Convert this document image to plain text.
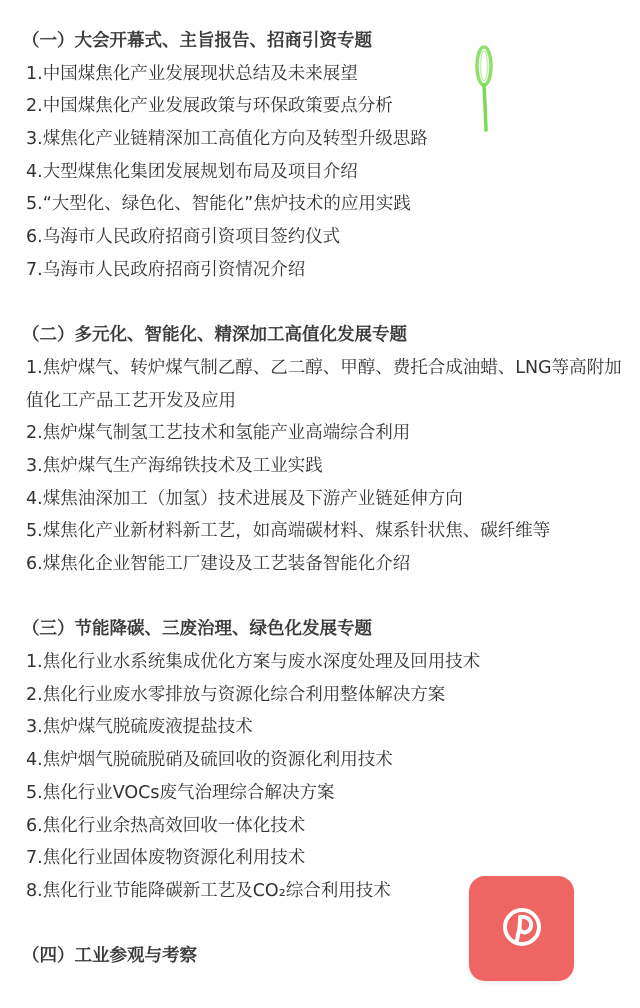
（一）大会开幕式、主旨报告、招商引资专题
1.中国煤焦化产业发展现状总结及未来展望
2.中国煤焦化产业发展政策与环保政策要点分析
3.煤焦化产业链精深加工高值化方向及转型升级思路
4.大型煤焦化集团发展规划布局及项目介绍
5.“大型化、绿色化、智能化”焦炉技术的应用实践
6.乌海市人民政府招商引资项目签约仪式
7.乌海市人民政府招商引资情况介绍
（二）多元化、智能化、精深加工高值化发展专题
1.焦炉煤气、转炉煤气制乙醇、乙二醇、甲醇、费托合成油蜡、LNG等高附加值化工产品工艺开发及应用
2.焦炉煤气制氢工艺技术和氢能产业高端综合利用
3.焦炉煤气生产海绵铁技术及工业实践
4.煤焦油深加工（加氢）技术进展及下游产业链延伸方向
5.煤焦化产业新材料新工艺，如高端碳材料、煤系针状焦、碳纤维等
6.煤焦化企业智能工厂建设及工艺装备智能化介绍
（三）节能降碳、三废治理、绿色化发展专题
1.焦化行业水系统集成优化方案与废水深度处理及回用技术
2.焦化行业废水零排放与资源化综合利用整体解决方案
3.焦炉煤气脱硫废液提盐技术
4.焦炉烟气脱硫脱硝及硫回收的资源化利用技术
5.焦化行业VOCs废气治理综合解决方案
6.焦化行业余热高效回收一体化技术
7.焦化行业固体废物资源化利用技术
8.焦化行业节能降碳新工艺及CO₂综合利用技术
（四）工业参观与考察
